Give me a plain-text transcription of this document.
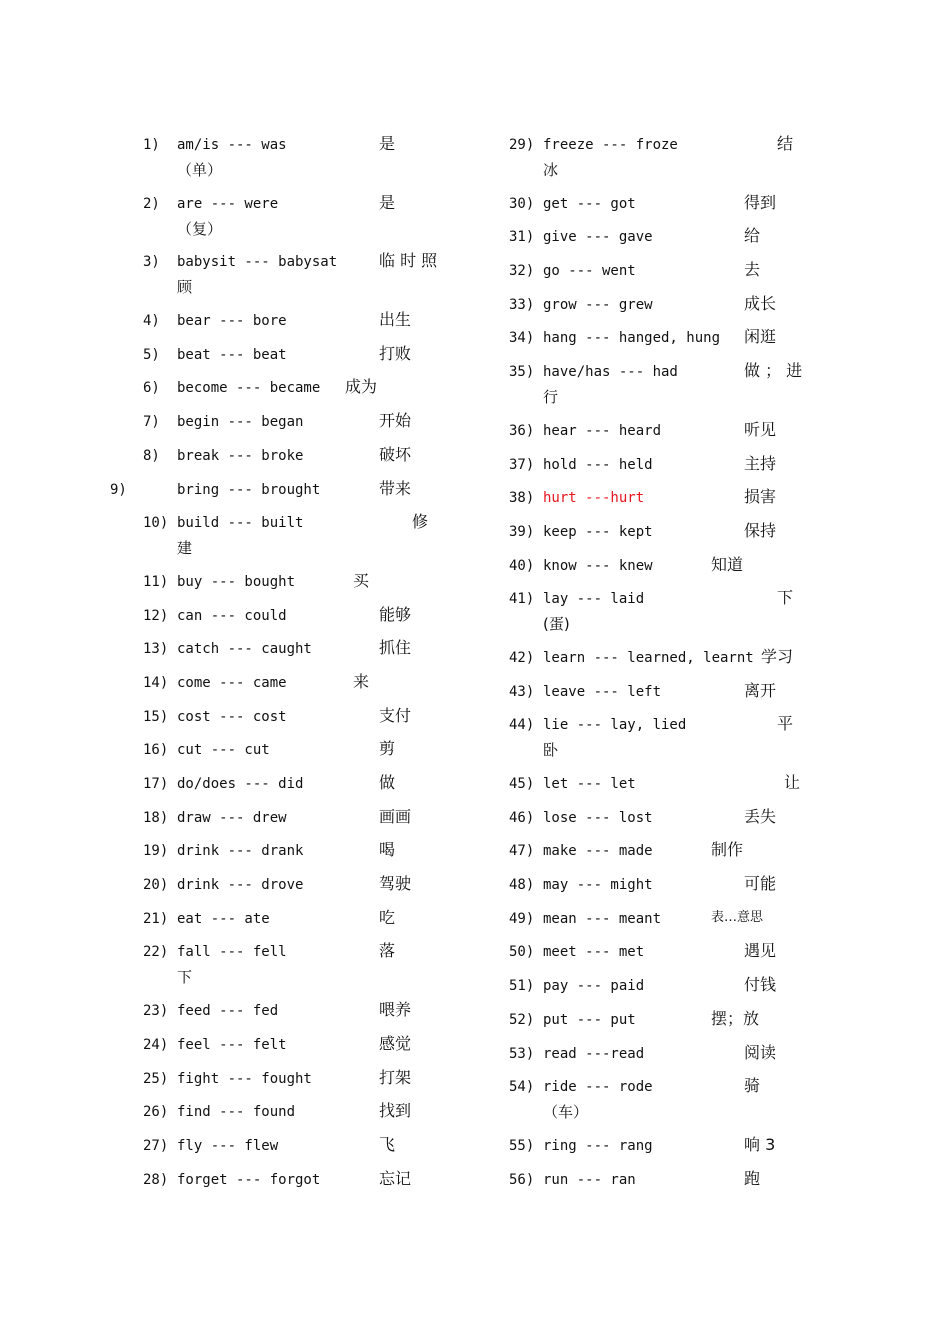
1) am/is --- was	是
（单）
2) are --- were	是
（复）
3) babysit --- babysat	临 时 照
顾
4) bear --- bore	出生
5) beat --- beat	打败
6) become --- became 成为
7) begin --- began	开始
8) break --- broke	破坏
9)	bring --- brought	带来
10) build --- built	修
建
11) buy --- bought	买
12) can --- could	能够
13) catch --- caught	抓住
14) come --- came	来
15) cost --- cost	支付
16) cut --- cut	剪
17) do/does --- did	做
18) draw --- drew	画画
19) drink --- drank	喝
20) drink --- drove	驾驶
21) eat --- ate	吃
22) fall --- fell	落
下
23) feed --- fed	喂养
24) feel --- felt	感觉
25) fight --- fought	打架
26) find --- found	找到
27) fly --- flew	飞
28) forget --- forgot	忘记
29) freeze --- froze	结
冰
30) get --- got	得到
31) give --- gave	给
32) go --- went	去
33) grow --- grew	成长
34) hang --- hanged, hung 闲逛
35) have/has --- had	做 ； 进
行
36) hear --- heard	听见
37) hold --- held	主持
38) hurt ---hurt	损害
39) keep --- kept	保持
40) know --- knew	知道
41) lay --- laid	下
(蛋)
42) learn --- learned, learnt 学习
43) leave --- left	离开
44) lie --- lay, lied	平
卧
45) let --- let	让
46) lose --- lost	丢失
47) make --- made	制作
48) may --- might	可能
49) mean --- meant	表…意思
50) meet --- met	遇见
51) pay --- paid	付钱
52) put --- put	摆；放
53) read ---read	阅读
54) ride --- rode	骑
（车）
55) ring --- rang	响 3
56) run --- ran	跑
